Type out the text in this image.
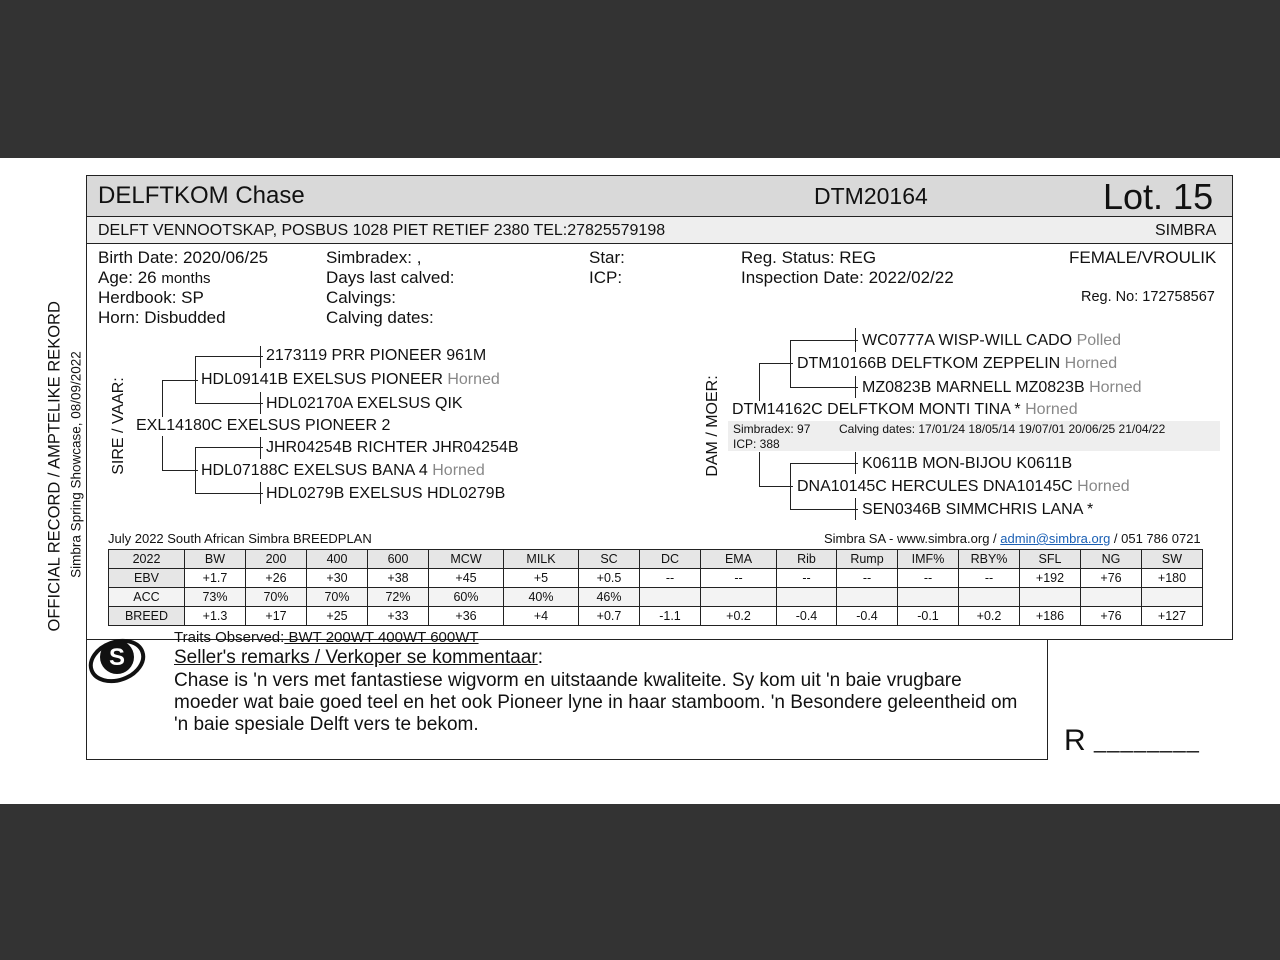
DELFTKOM Chase	DTM20164	Lot. 15
DELFT VENNOOTSKAP, POSBUS 1028 PIET RETIEF 2380 TEL:27825579198	SIMBRA
Birth Date: 2020/06/25
Age: 26 months
Herdbook: SP
Horn: Disbudded
Simbradex: ,
Days last calved:
Calvings:
Calving dates:
Star:
ICP:
Reg. Status: REG
Inspection Date: 2022/02/22
FEMALE/VROULIK
Reg. No: 172758567
OFFICIAL RECORD / AMPTELIKE REKORD Simbra Spring Showcase, 08/09/2022 SIRE / VAAR:	DAM / MOER:
2173119 PRR PIONEER 961M
HDL09141B EXELSUS PIONEER Horned
HDL02170A EXELSUS QIK
EXL14180C EXELSUS PIONEER 2
JHR04254B RICHTER JHR04254B
HDL07188C EXELSUS BANA 4 Horned
HDL0279B EXELSUS HDL0279B
WC0777A WISP-WILL CADO Polled
DTM10166B DELFTKOM ZEPPELIN Horned
MZ0823B MARNELL MZ0823B Horned
DTM14162C DELFTKOM MONTI TINA * Horned
Simbradex: 97 Calving dates: 17/01/24 18/05/14 19/07/01 20/06/25 21/04/22
ICP: 388
K0611B MON-BIJOU K0611B
DNA10145C HERCULES DNA10145C Horned
SEN0346B SIMMCHRIS LANA *
July 2022 South African Simbra BREEDPLAN	Simbra SA - www.simbra.org / admin@simbra.org / 051 786 0721
2022	BW	200	400	600	MCW	MILK	SC	DC	EMA	Rib	Rump	IMF%	RBY%	SFL	NG	SW
EBV	+1.7	+26	+30	+38	+45	+5	+0.5	--	--	--	--	--	--	+192	+76	+180
ACC	73%	70%	70%	72%	60%	40%	46%									
BREED	+1.3	+17	+25	+33	+36	+4	+0.7	-1.1	+0.2	-0.4	-0.4	-0.1	+0.2	+186	+76	+127
S
Traits Observed: BWT 200WT 400WT 600WT
Seller's remarks / Verkoper se kommentaar:
Chase is 'n vers met fantastiese wigvorm en uitstaande kwaliteite. Sy kom uit 'n baie vrugbare
moeder wat baie goed teel en het ook Pioneer lyne in haar stamboom. 'n Besondere geleentheid om
'n baie spesiale Delft vers te bekom.	R ________
